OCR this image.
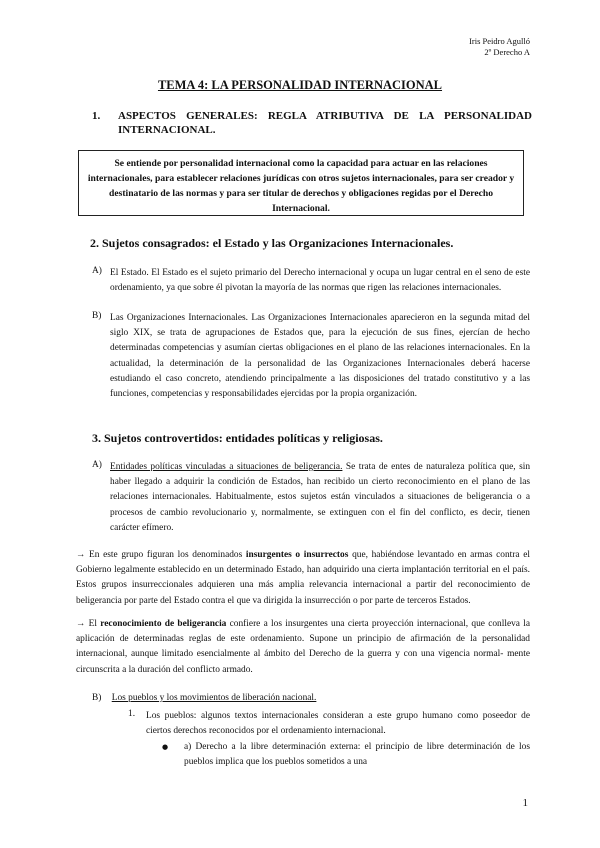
Iris Peidro Agulló
2º Derecho A
TEMA 4: LA PERSONALIDAD INTERNACIONAL
1.	ASPECTOS GENERALES: REGLA ATRIBUTIVA DE LA PERSONALIDAD INTERNACIONAL.
Se entiende por personalidad internacional como la capacidad para actuar en las relaciones internacionales, para establecer relaciones jurídicas con otros sujetos internacionales, para ser creador y destinatario de las normas y para ser titular de derechos y obligaciones regidas por el Derecho Internacional.
2. Sujetos consagrados: el Estado y las Organizaciones Internacionales.
A) El Estado. El Estado es el sujeto primario del Derecho internacional y ocupa un lugar central en el seno de este ordenamiento, ya que sobre él pivotan la mayoría de las normas que rigen las relaciones internacionales.
B) Las Organizaciones Internacionales. Las Organizaciones Internacionales aparecieron en la segunda mitad del siglo XIX, se trata de agrupaciones de Estados que, para la ejecución de sus fines, ejercían de hecho determinadas competencias y asumían ciertas obligaciones en el plano de las relaciones internacionales. En la actualidad, la determinación de la personalidad de las Organizaciones Internacionales deberá hacerse estudiando el caso concreto, atendiendo principalmente a las disposiciones del tratado constitutivo y a las funciones, competencias y responsabilidades ejercidas por la propia organización.
3. Sujetos controvertidos: entidades políticas y religiosas.
A) Entidades políticas vinculadas a situaciones de beligerancia. Se trata de entes de naturaleza política que, sin haber llegado a adquirir la condición de Estados, han recibido un cierto reconocimiento en el plano de las relaciones internacionales. Habitualmente, estos sujetos están vinculados a situaciones de beligerancia o a procesos de cambio revolucionario y, normalmente, se extinguen con el fin del conflicto, es decir, tienen carácter efímero.
→ En este grupo figuran los denominados insurgentes o insurrectos que, habiéndose levantado en armas contra el Gobierno legalmente establecido en un determinado Estado, han adquirido una cierta implantación territorial en el país. Estos grupos insurreccionales adquieren una más amplia relevancia internacional a partir del reconocimiento de beligerancia por parte del Estado contra el que va dirigida la insurrección o por parte de terceros Estados.
→ El reconocimiento de beligerancia confiere a los insurgentes una cierta proyección internacional, que conlleva la aplicación de determinadas reglas de este ordenamiento. Supone un principio de afirmación de la personalidad internacional, aunque limitado esencialmente al ámbito del Derecho de la guerra y con una vigencia normal- mente circunscrita a la duración del conflicto armado.
B) Los pueblos y los movimientos de liberación nacional.
1. Los pueblos: algunos textos internacionales consideran a este grupo humano como poseedor de ciertos derechos reconocidos por el ordenamiento internacional.
● a) Derecho a la libre determinación externa: el principio de libre determinación de los pueblos implica que los pueblos sometidos a una
1
